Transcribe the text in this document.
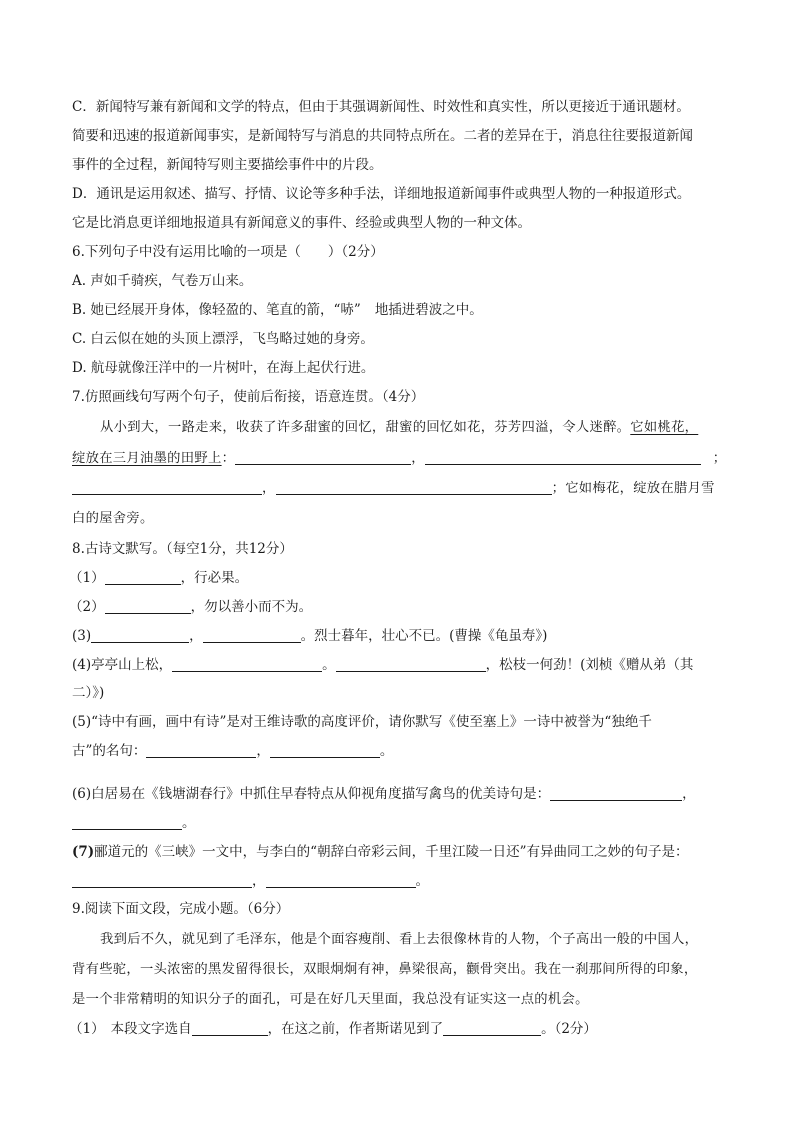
C．新闻特写兼有新闻和文学的特点，但由于其强调新闻性、时效性和真实性，所以更接近于通讯题材。
简要和迅速的报道新闻事实，是新闻特写与消息的共同特点所在。二者的差异在于，消息往往要报道新闻
事件的全过程，新闻特写则主要描绘事件中的片段。
D．通讯是运用叙述、描写、抒情、议论等多种手法，详细地报道新闻事件或典型人物的一种报道形式。
它是比消息更详细地报道具有新闻意义的事件、经验或典型人物的一种文体。
6.下列句子中没有运用比喻的一项是（　　）（2分）
A. 声如千骑疾，气卷万山来。
B. 她已经展开身体，像轻盈的、笔直的箭，“哧” 地插进碧波之中。
C. 白云似在她的头顶上漂浮，飞鸟略过她的身旁。
D. 航母就像汪洋中的一片树叶，在海上起伏行进。
7.仿照画线句写两个句子，使前后衔接，语意连贯。（4分）
从小到大，一路走来，收获了许多甜蜜的回忆，甜蜜的回忆如花，芬芳四溢，令人迷醉。它如桃花，
绽放在三月油墨的田野上：	，	；
，	；它如梅花，绽放在腊月雪
白的屋舍旁。
8.古诗文默写。（每空1分，共12分）
（1）	，行必果。
（2）	，勿以善小而不为。
(3)	，	。烈士暮年，壮心不已。(曹操《龟虽寿》)
(4)亭亭山上松，	。	，松枝一何劲！(刘桢《赠从弟（其
二）》)
(5)“诗中有画，画中有诗”是对王维诗歌的高度评价，请你默写《使至塞上》一诗中被誉为“独绝千
古”的名句：	，	。
(6)白居易在《钱塘湖春行》中抓住早春特点从仰视角度描写禽鸟的优美诗句是：	，
。
(7)郦道元的《三峡》一文中，与李白的“朝辞白帝彩云间，千里江陵一日还”有异曲同工之妙的句子是：
，	。
9.阅读下面文段，完成小题。（6分）
我到后不久，就见到了毛泽东，他是个面容瘦削、看上去很像林肯的人物，个子高出一般的中国人，
背有些驼，一头浓密的黑发留得很长，双眼炯炯有神，鼻梁很高，颧骨突出。我在一刹那间所得的印象，
是一个非常精明的知识分子的面孔，可是在好几天里面，我总没有证实这一点的机会。
（1） 本段文字选自	，在这之前，作者斯诺见到了	。（2分）
